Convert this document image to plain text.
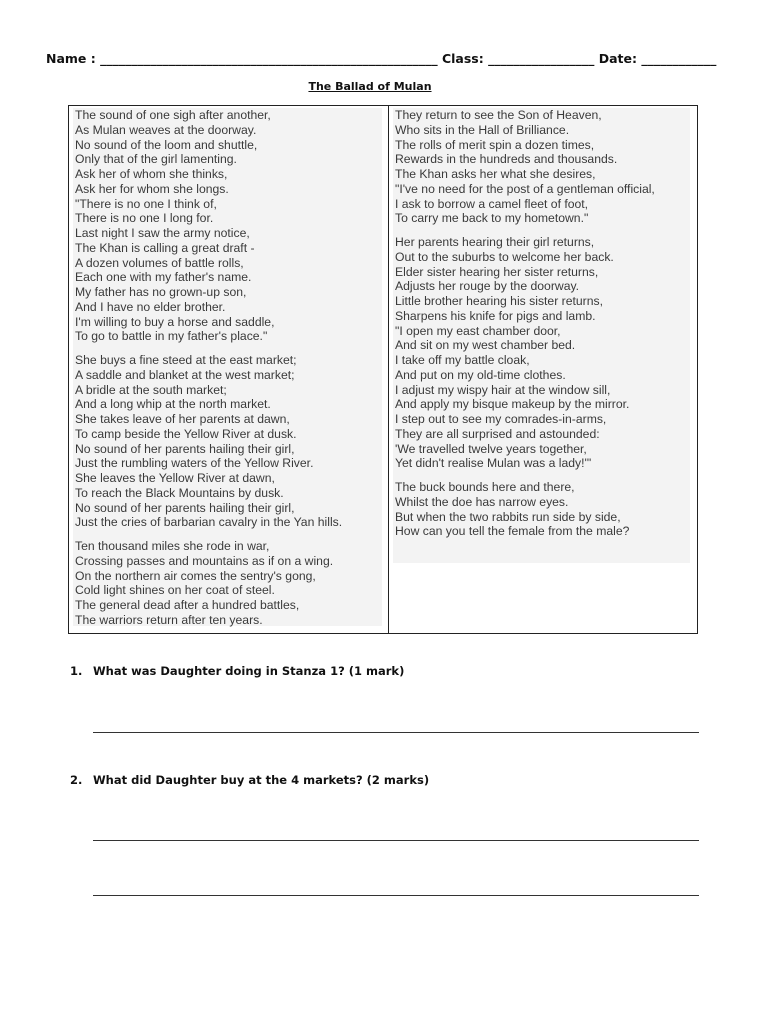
Name : ______________________________________________________ Class: _________________ Date: ____________
The Ballad of Mulan
The sound of one sigh after another,
As Mulan weaves at the doorway.
No sound of the loom and shuttle,
Only that of the girl lamenting.
Ask her of whom she thinks,
Ask her for whom she longs.
"There is no one I think of,
There is no one I long for.
Last night I saw the army notice,
The Khan is calling a great draft -
A dozen volumes of battle rolls,
Each one with my father's name.
My father has no grown-up son,
And I have no elder brother.
I'm willing to buy a horse and saddle,
To go to battle in my father's place."
She buys a fine steed at the east market;
A saddle and blanket at the west market;
A bridle at the south market;
And a long whip at the north market.
She takes leave of her parents at dawn,
To camp beside the Yellow River at dusk.
No sound of her parents hailing their girl,
Just the rumbling waters of the Yellow River.
She leaves the Yellow River at dawn,
To reach the Black Mountains by dusk.
No sound of her parents hailing their girl,
Just the cries of barbarian cavalry in the Yan hills.
Ten thousand miles she rode in war,
Crossing passes and mountains as if on a wing.
On the northern air comes the sentry's gong,
Cold light shines on her coat of steel.
The general dead after a hundred battles,
The warriors return after ten years.
They return to see the Son of Heaven,
Who sits in the Hall of Brilliance.
The rolls of merit spin a dozen times,
Rewards in the hundreds and thousands.
The Khan asks her what she desires,
"I've no need for the post of a gentleman official,
I ask to borrow a camel fleet of foot,
To carry me back to my hometown."
Her parents hearing their girl returns,
Out to the suburbs to welcome her back.
Elder sister hearing her sister returns,
Adjusts her rouge by the doorway.
Little brother hearing his sister returns,
Sharpens his knife for pigs and lamb.
"I open my east chamber door,
And sit on my west chamber bed.
I take off my battle cloak,
And put on my old-time clothes.
I adjust my wispy hair at the window sill,
And apply my bisque makeup by the mirror.
I step out to see my comrades-in-arms,
They are all surprised and astounded:
'We travelled twelve years together,
Yet didn't realise Mulan was a lady!'"
The buck bounds here and there,
Whilst the doe has narrow eyes.
But when the two rabbits run side by side,
How can you tell the female from the male?
1. What was Daughter doing in Stanza 1? (1 mark)
2. What did Daughter buy at the 4 markets? (2 marks)
